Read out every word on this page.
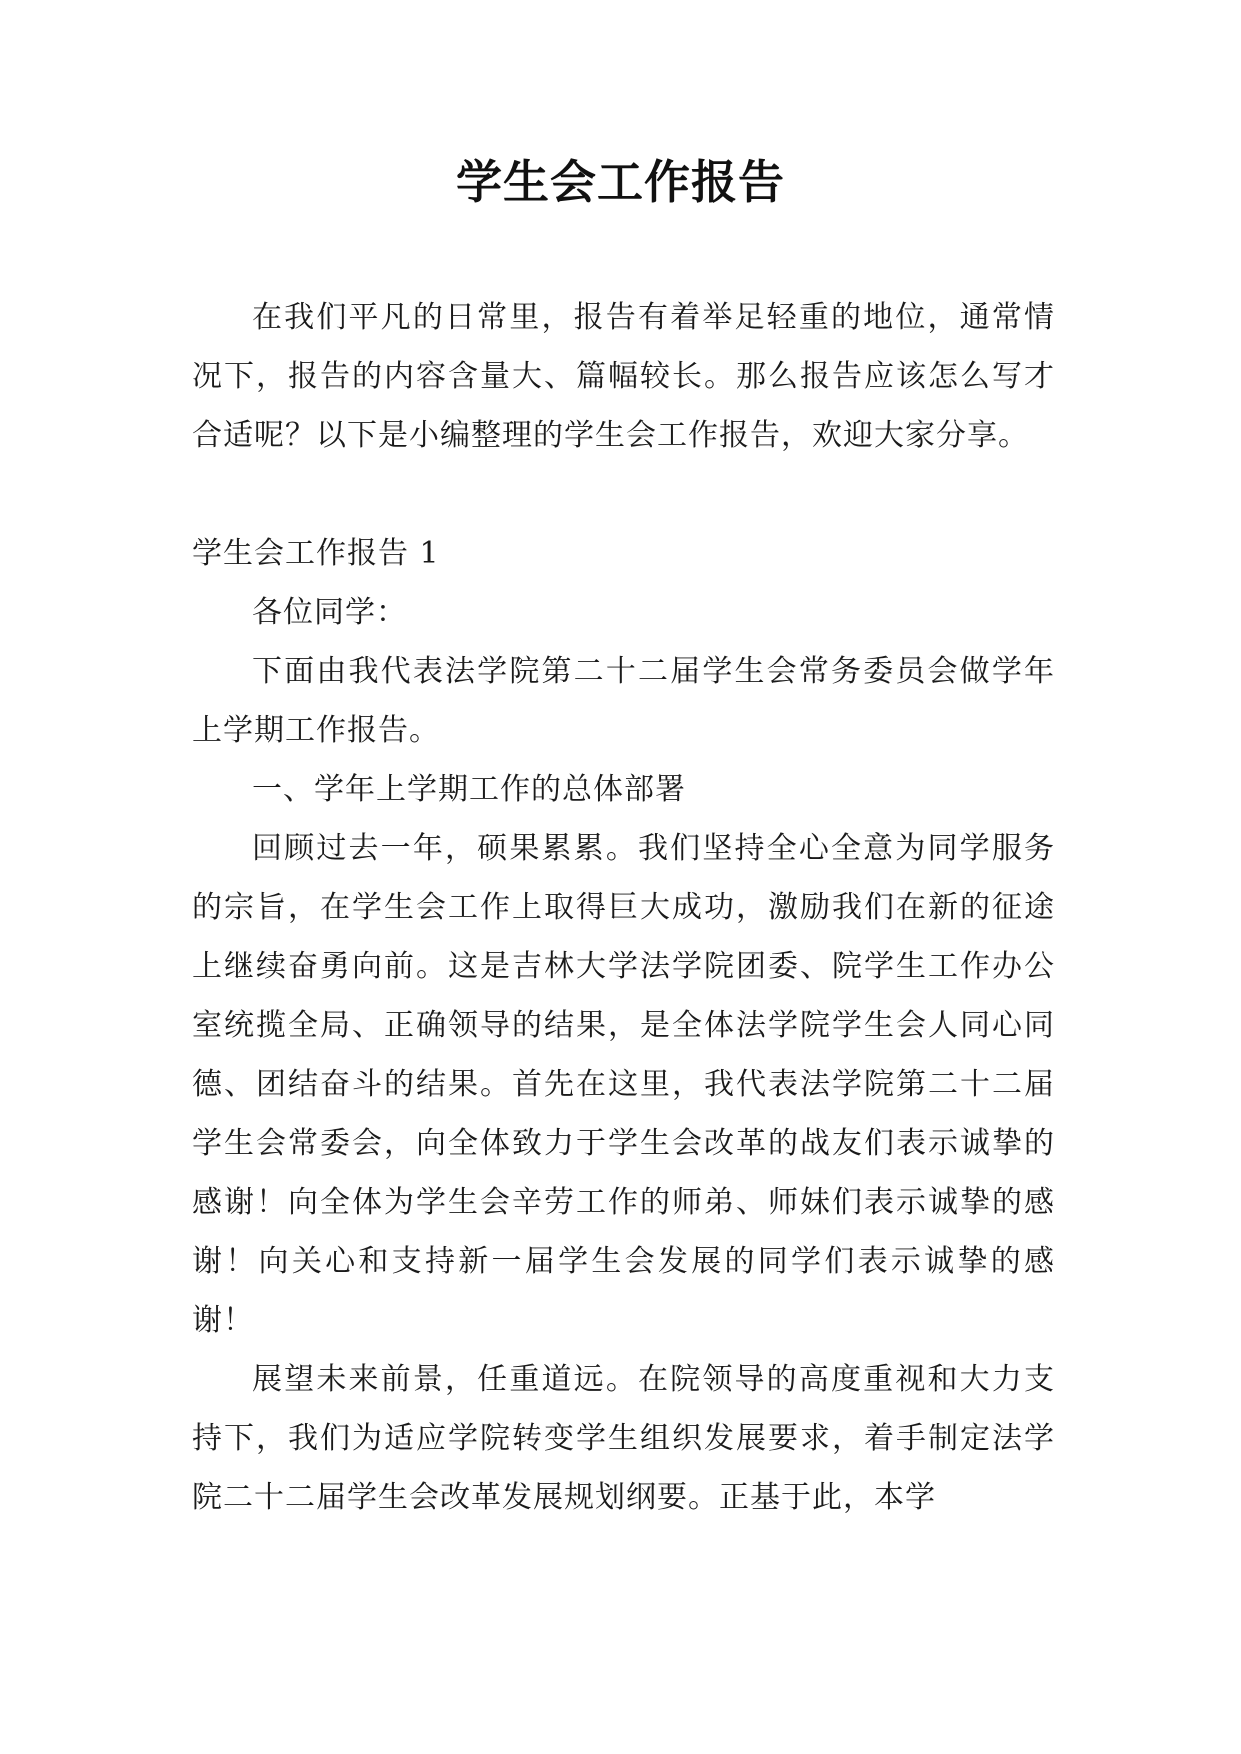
学生会工作报告

在我们平凡的日常里，报告有着举足轻重的地位，通常情况下，报告的内容含量大、篇幅较长。那么报告应该怎么写才合适呢？以下是小编整理的学生会工作报告，欢迎大家分享。

学生会工作报告 1

各位同学：

下面由我代表法学院第二十二届学生会常务委员会做学年上学期工作报告。

一、学年上学期工作的总体部署

回顾过去一年，硕果累累。我们坚持全心全意为同学服务的宗旨，在学生会工作上取得巨大成功，激励我们在新的征途上继续奋勇向前。这是吉林大学法学院团委、院学生工作办公室统揽全局、正确领导的结果，是全体法学院学生会人同心同德、团结奋斗的结果。首先在这里，我代表法学院第二十二届学生会常委会，向全体致力于学生会改革的战友们表示诚挚的感谢！向全体为学生会辛劳工作的师弟、师妹们表示诚挚的感谢！向关心和支持新一届学生会发展的同学们表示诚挚的感谢！

展望未来前景，任重道远。在院领导的高度重视和大力支持下，我们为适应学院转变学生组织发展要求，着手制定法学院二十二届学生会改革发展规划纲要。正基于此，本学
